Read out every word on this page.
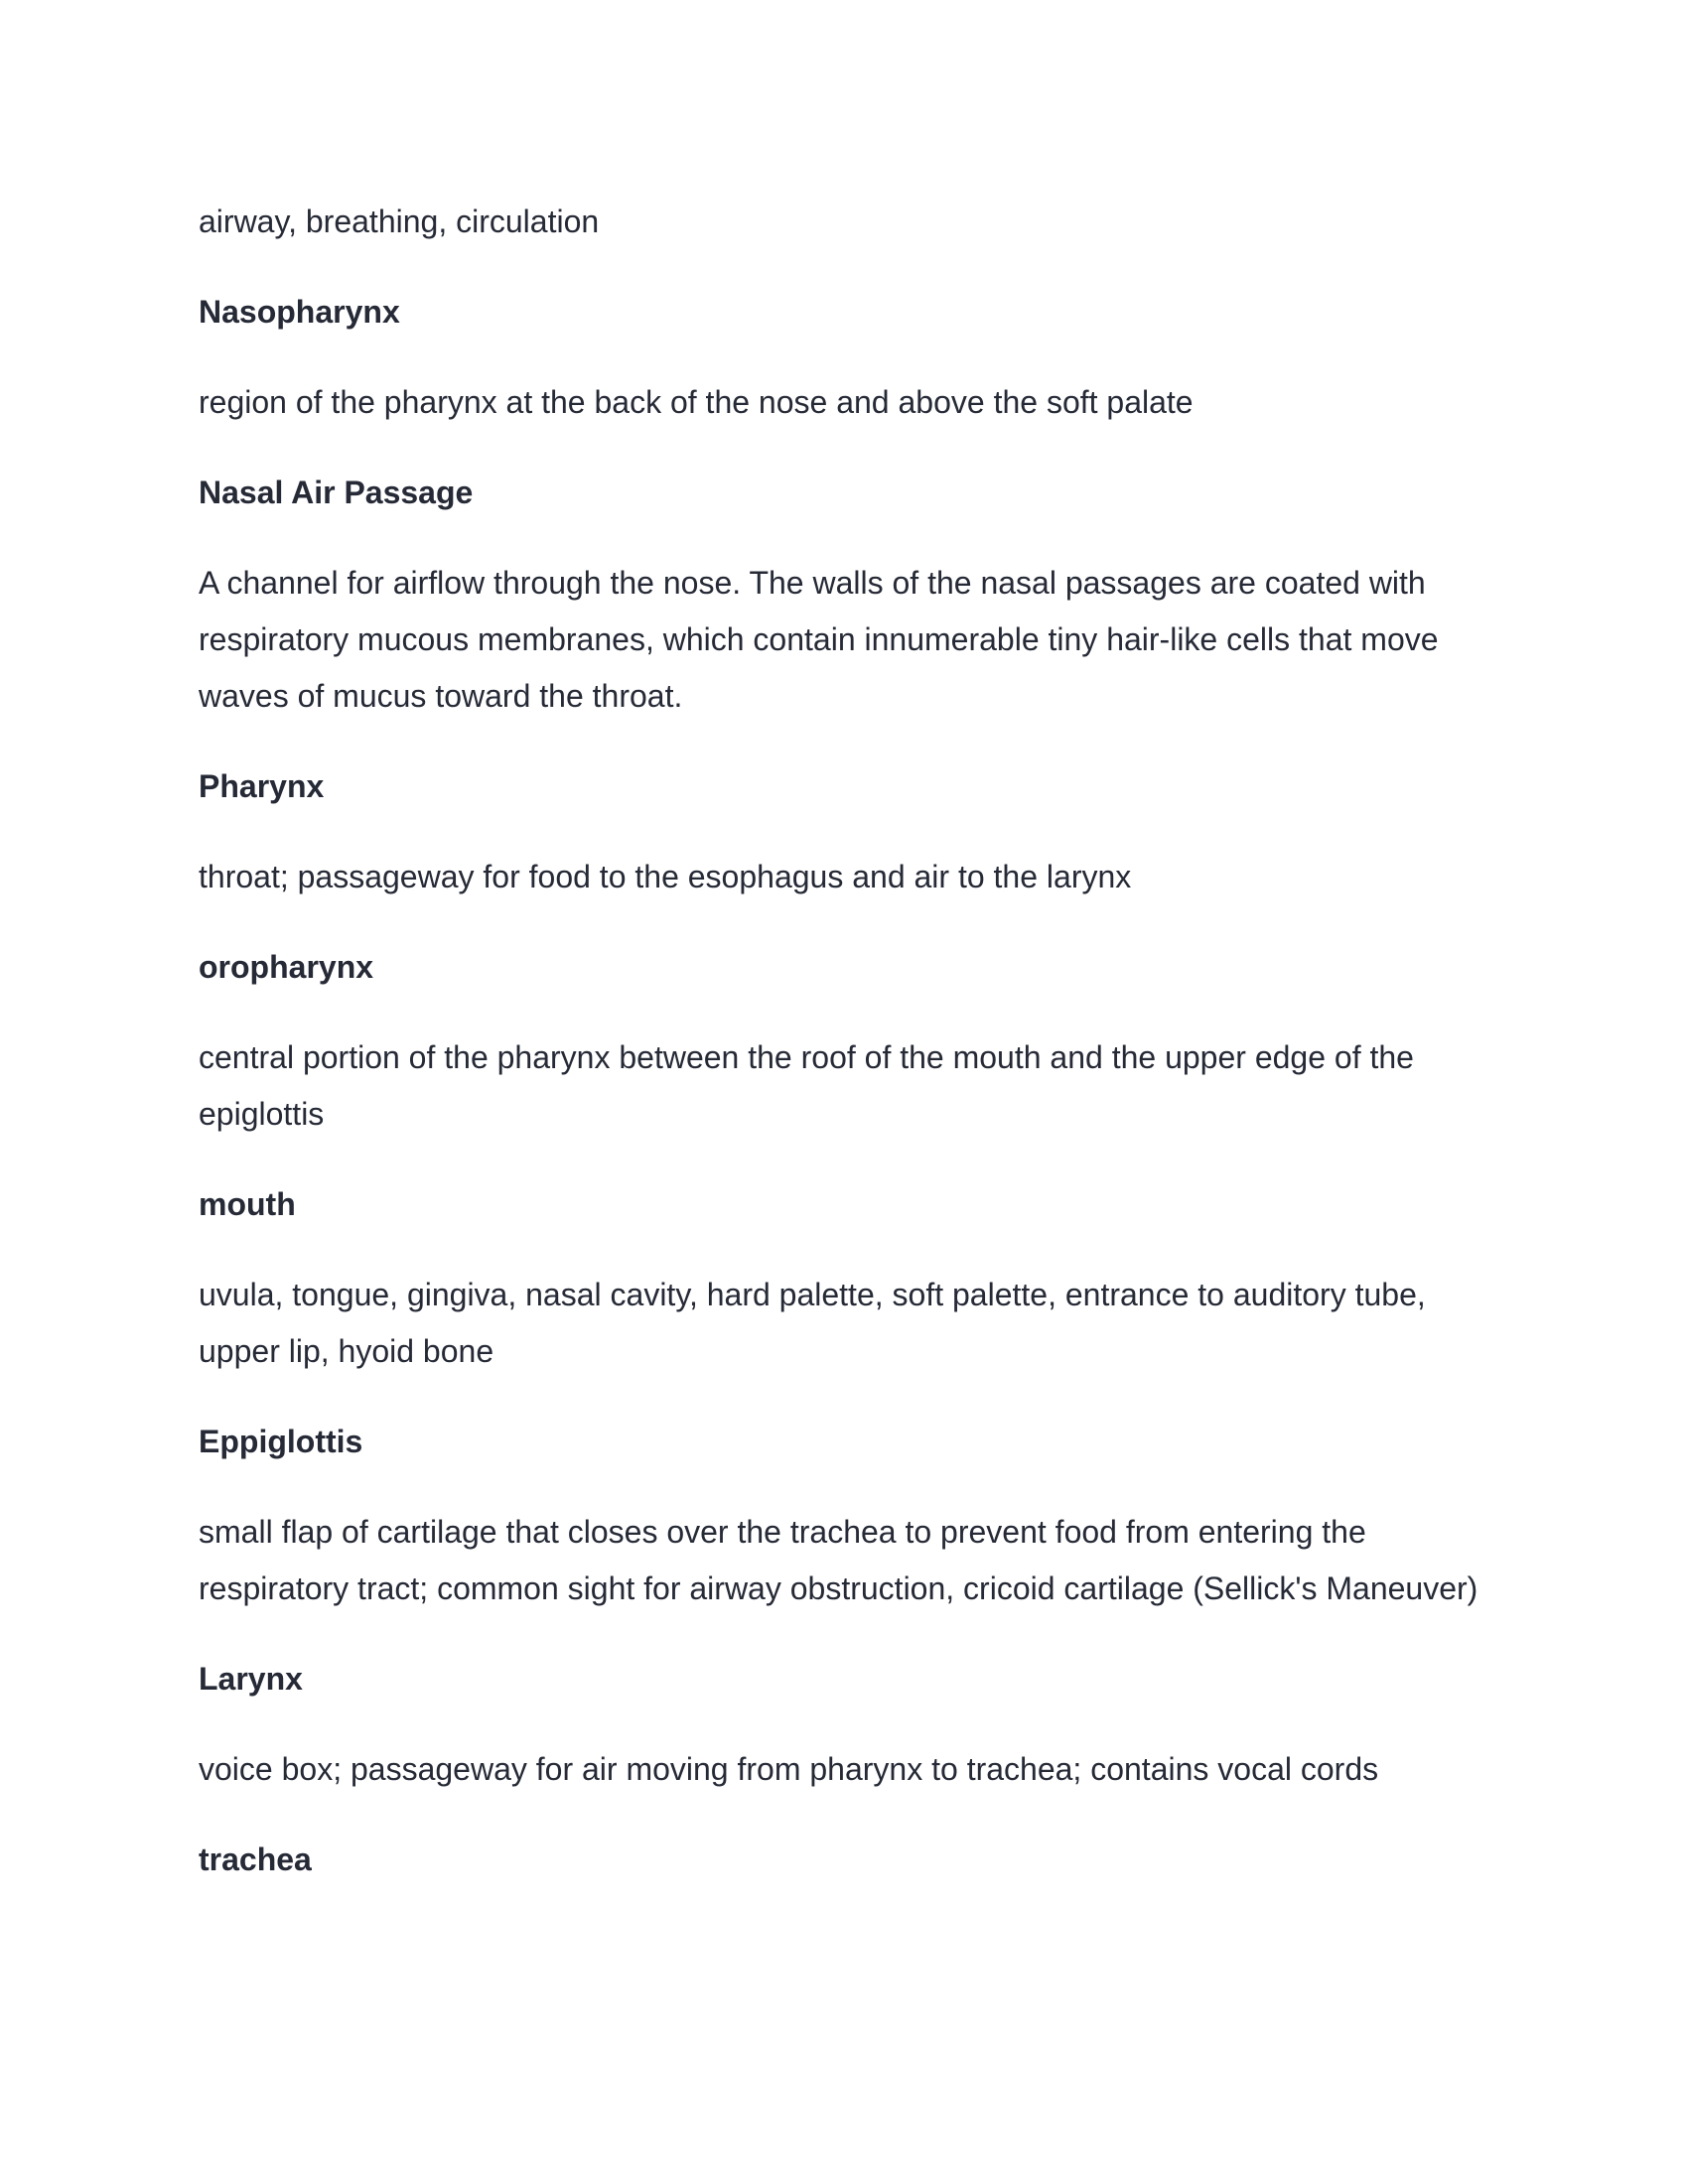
airway, breathing, circulation

Nasopharynx

region of the pharynx at the back of the nose and above the soft palate

Nasal Air Passage

A channel for airflow through the nose. The walls of the nasal passages are coated with respiratory mucous membranes, which contain innumerable tiny hair-like cells that move waves of mucus toward the throat.

Pharynx

throat; passageway for food to the esophagus and air to the larynx

oropharynx

central portion of the pharynx between the roof of the mouth and the upper edge of the epiglottis

mouth

uvula, tongue, gingiva, nasal cavity, hard palette, soft palette, entrance to auditory tube, upper lip, hyoid bone

Eppiglottis

small flap of cartilage that closes over the trachea to prevent food from entering the respiratory tract; common sight for airway obstruction, cricoid cartilage (Sellick's Maneuver)

Larynx

voice box; passageway for air moving from pharynx to trachea; contains vocal cords

trachea
